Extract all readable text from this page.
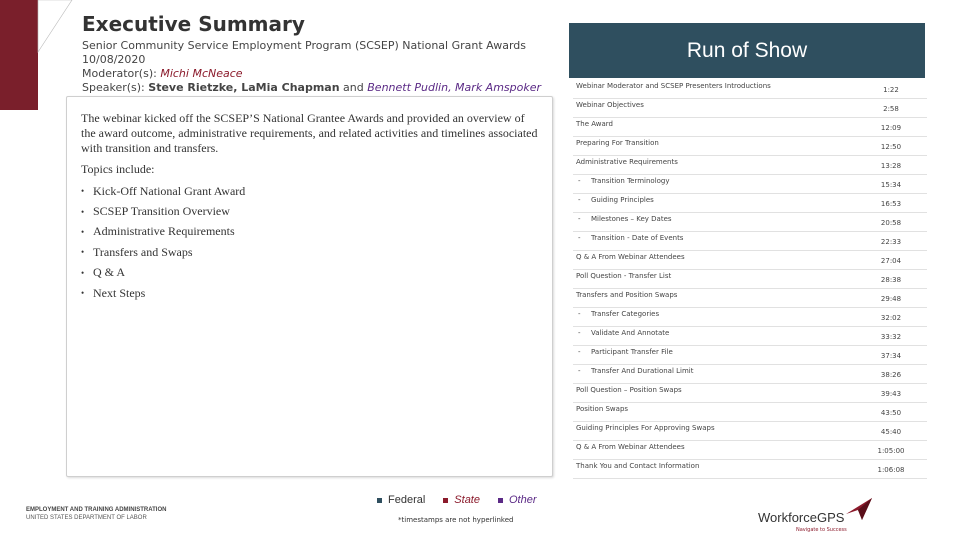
Executive Summary
Senior Community Service Employment Program (SCSEP) National Grant Awards
10/08/2020
Moderator(s): Michi McNeace
Speaker(s): Steve Rietzke, LaMia Chapman and Bennett Pudlin, Mark Amspoker

The webinar kicked off the SCSEP’S National Grantee Awards and provided an overview of the award outcome, administrative requirements, and related activities and timelines associated with transition and transfers.

Topics include:

• Kick-Off National Grant Award
• SCSEP Transition Overview
• Administrative Requirements
• Transfers and Swaps
• Q & A
• Next Steps
Run of Show
Webinar Moderator and SCSEP Presenters Introductions	1:22
Webinar Objectives	2:58
The Award	12:09
Preparing For Transition	12:50
Administrative Requirements	13:28
- Transition Terminology	15:34
- Guiding Principles	16:53
- Milestones – Key Dates	20:58
- Transition - Date of Events	22:33
Q & A From Webinar Attendees	27:04
Poll Question - Transfer List	28:38
Transfers and Position Swaps	29:48
- Transfer Categories	32:02
- Validate And Annotate	33:32
- Participant Transfer File	37:34
- Transfer And Durational Limit	38:26
Poll Question – Position Swaps	39:43
Position Swaps	43:50
Guiding Principles For Approving Swaps	45:40
Q & A From Webinar Attendees	1:05:00
Thank You and Contact Information	1:06:08
Federal	State	Other
*timestamps are not hyperlinked
EMPLOYMENT AND TRAINING ADMINISTRATION
UNITED STATES DEPARTMENT OF LABOR	WorkforceGPS
Navigate to Success
